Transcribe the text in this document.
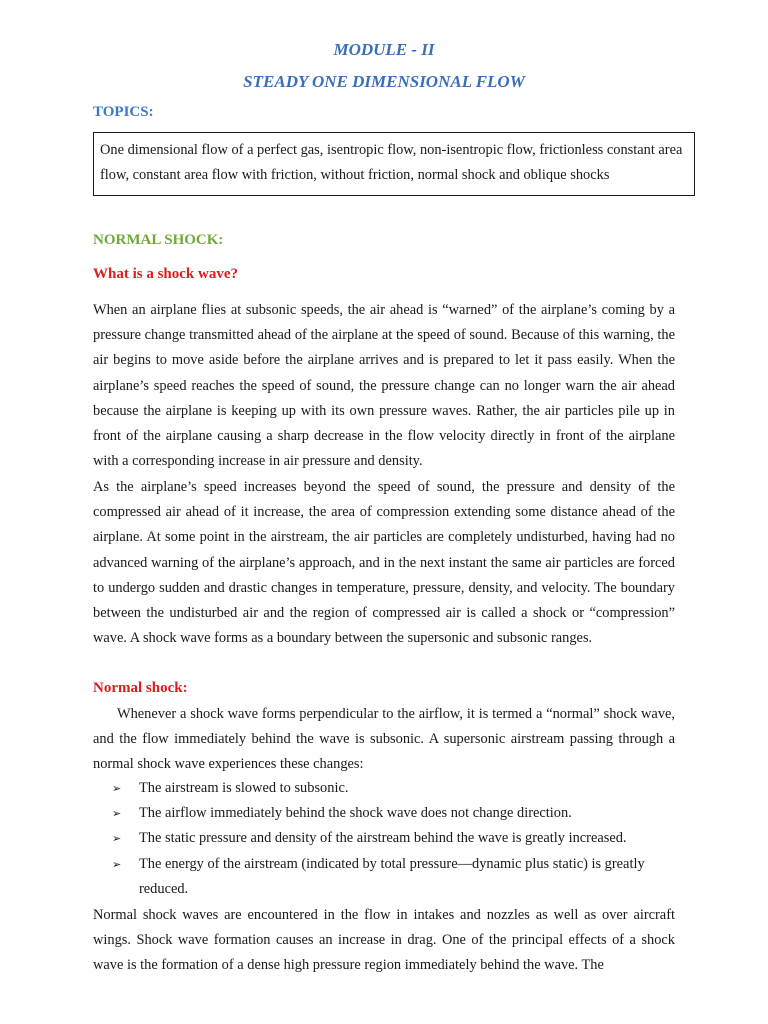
MODULE - II
STEADY ONE DIMENSIONAL FLOW
TOPICS:
One dimensional flow of a perfect gas, isentropic flow, non-isentropic flow, frictionless constant area flow, constant area flow with friction, without friction, normal shock and oblique shocks
NORMAL SHOCK:
What is a shock wave?

When an airplane flies at subsonic speeds, the air ahead is “warned” of the airplane’s coming by a pressure change transmitted ahead of the airplane at the speed of sound. Because of this warning, the air begins to move aside before the airplane arrives and is prepared to let it pass easily. When the airplane’s speed reaches the speed of sound, the pressure change can no longer warn the air ahead because the airplane is keeping up with its own pressure waves. Rather, the air particles pile up in front of the airplane causing a sharp decrease in the flow velocity directly in front of the airplane with a corresponding increase in air pressure and density.

As the airplane’s speed increases beyond the speed of sound, the pressure and density of the compressed air ahead of it increase, the area of compression extending some distance ahead of the airplane. At some point in the airstream, the air particles are completely undisturbed, having had no advanced warning of the airplane’s approach, and in the next instant the same air particles are forced to undergo sudden and drastic changes in temperature, pressure, density, and velocity. The boundary between the undisturbed air and the region of compressed air is called a shock or “compression” wave. A shock wave forms as a boundary between the supersonic and subsonic ranges.

Normal shock:

Whenever a shock wave forms perpendicular to the airflow, it is termed a “normal” shock wave, and the flow immediately behind the wave is subsonic. A supersonic airstream passing through a normal shock wave experiences these changes:

➢ The airstream is slowed to subsonic.
➢ The airflow immediately behind the shock wave does not change direction.
➢ The static pressure and density of the airstream behind the wave is greatly increased.
➢ The energy of the airstream (indicated by total pressure—dynamic plus static) is greatly reduced.

Normal shock waves are encountered in the flow in intakes and nozzles as well as over aircraft wings. Shock wave formation causes an increase in drag. One of the principal effects of a shock wave is the formation of a dense high pressure region immediately behind the wave. The
